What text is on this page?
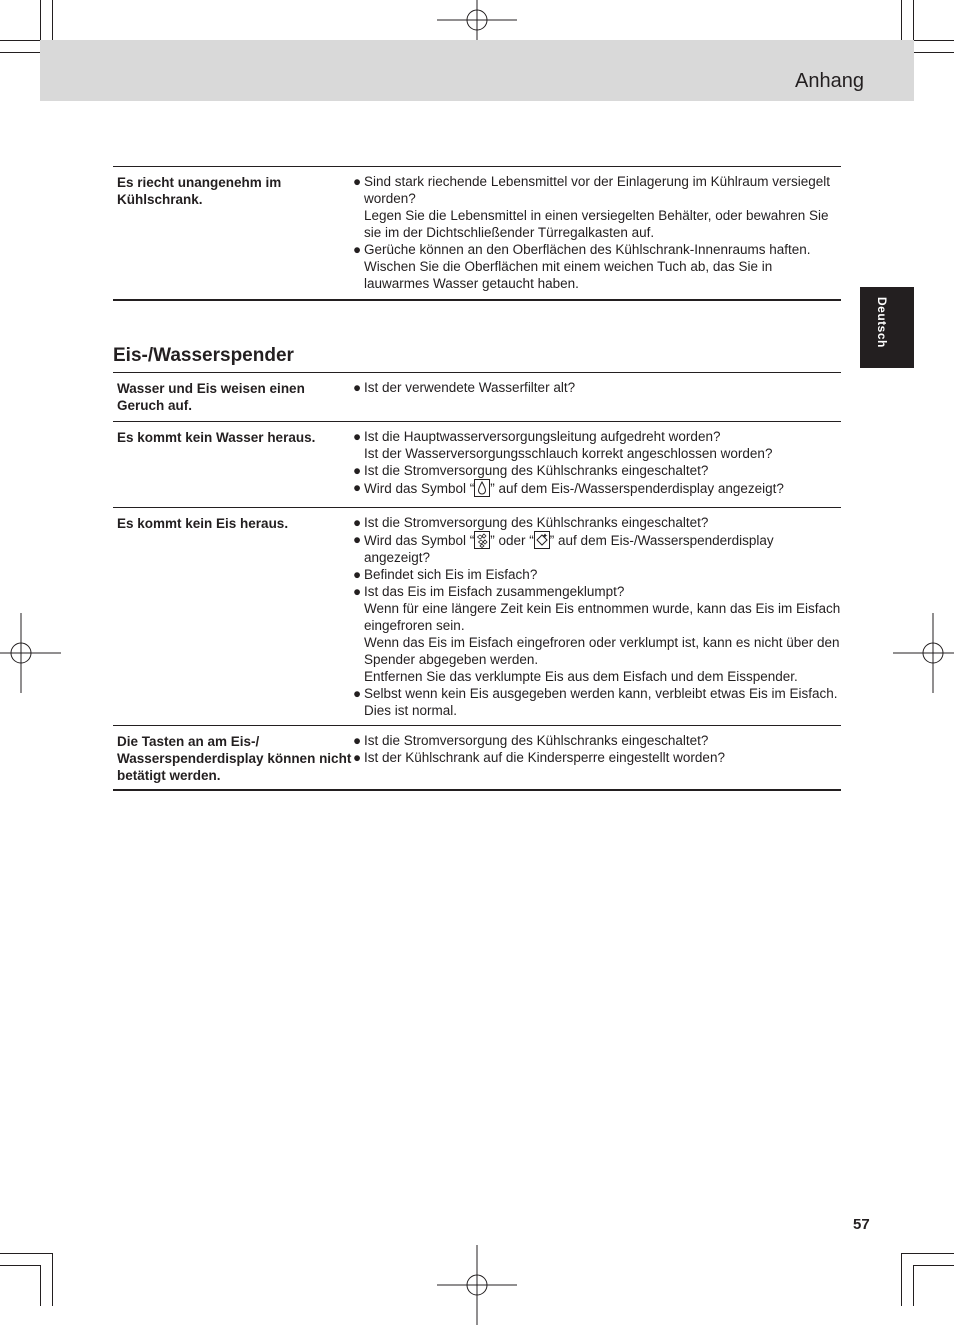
Anhang
Deutsch
Es riecht unangenehm im Kühlschrank.
● Sind stark riechende Lebensmittel vor der Einlagerung im Kühlraum versiegelt worden?
Legen Sie die Lebensmittel in einen versiegelten Behälter, oder bewahren Sie sie im der Dichtschließender Türregalkasten auf.
● Gerüche können an den Oberflächen des Kühlschrank-Innenraums haften. Wischen Sie die Oberflächen mit einem weichen Tuch ab, das Sie in lauwarmes Wasser getaucht haben.
Eis-/Wasserspender
Wasser und Eis weisen einen Geruch auf.
● Ist der verwendete Wasserfilter alt?
Es kommt kein Wasser heraus.	● Ist die Hauptwasserversorgungsleitung aufgedreht worden?
Ist der Wasserversorgungsschlauch korrekt angeschlossen worden?
● Ist die Stromversorgung des Kühlschranks eingeschaltet?
● Wird das Symbol “ ” auf dem Eis-/Wasserspenderdisplay angezeigt?
Es kommt kein Eis heraus.	● Ist die Stromversorgung des Kühlschranks eingeschaltet?
● Wird das Symbol “ ” oder “ ” auf dem Eis-/Wasserspenderdisplay angezeigt?
● Befindet sich Eis im Eisfach?
● Ist das Eis im Eisfach zusammengeklumpt?
Wenn für eine längere Zeit kein Eis entnommen wurde, kann das Eis im Eisfach eingefroren sein.
Wenn das Eis im Eisfach eingefroren oder verklumpt ist, kann es nicht über den Spender abgegeben werden.
Entfernen Sie das verklumpte Eis aus dem Eisfach und dem Eisspender.
● Selbst wenn kein Eis ausgegeben werden kann, verbleibt etwas Eis im Eisfach. Dies ist normal.
Die Tasten an am Eis-/ Wasserspenderdisplay können nicht betätigt werden.
● Ist die Stromversorgung des Kühlschranks eingeschaltet?
● Ist der Kühlschrank auf die Kindersperre eingestellt worden?
57
